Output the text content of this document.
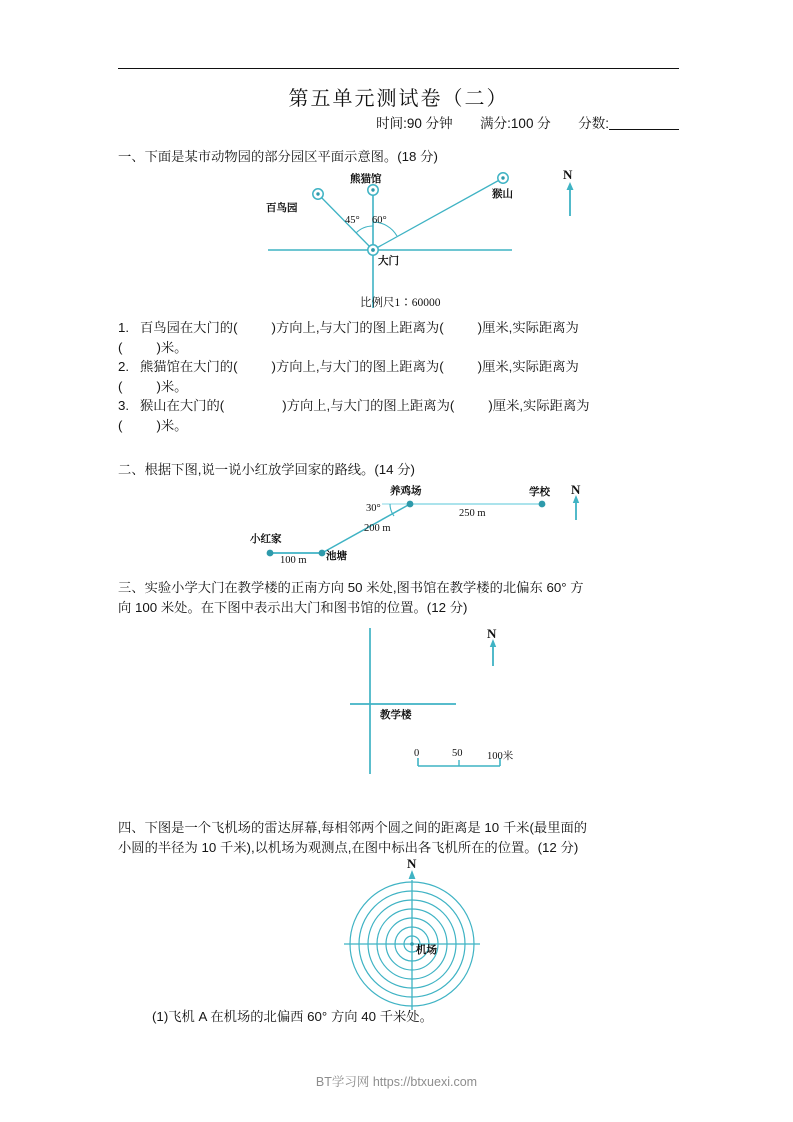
第五单元测试卷（二）
时间:90 分钟 满分:100 分 分数:
一、下面是某市动物园的部分园区平面示意图。(18 分)
百鸟园
熊猫馆
猴山
大门
45° 60°
N
比例尺1∶60000
1. 百鸟园在大门的(	)方向上,与大门的图上距离为(	)厘米,实际距离为
(	)米。
2. 熊猫馆在大门的(	)方向上,与大门的图上距离为(	)厘米,实际距离为
(	)米。
3. 猴山在大门的(	)方向上,与大门的图上距离为(	)厘米,实际距离为
(	)米。
二、根据下图,说一说小红放学回家的路线。(14 分)
小红家
池塘
养鸡场	学校 N
100 m
200 m
250 m
30°
三、实验小学大门在教学楼的正南方向 50 米处,图书馆在教学楼的北偏东 60° 方
向 100 米处。在下图中表示出大门和图书馆的位置。(12 分)
教学楼
N
0	50 100米
四、下图是一个飞机场的雷达屏幕,每相邻两个圆之间的距离是 10 千米(最里面的
小圆的半径为 10 千米),以机场为观测点,在图中标出各飞机所在的位置。(12 分)
N
机场
(1)飞机 A 在机场的北偏西 60° 方向 40 千米处。
BT学习网 https://btxuexi.com
